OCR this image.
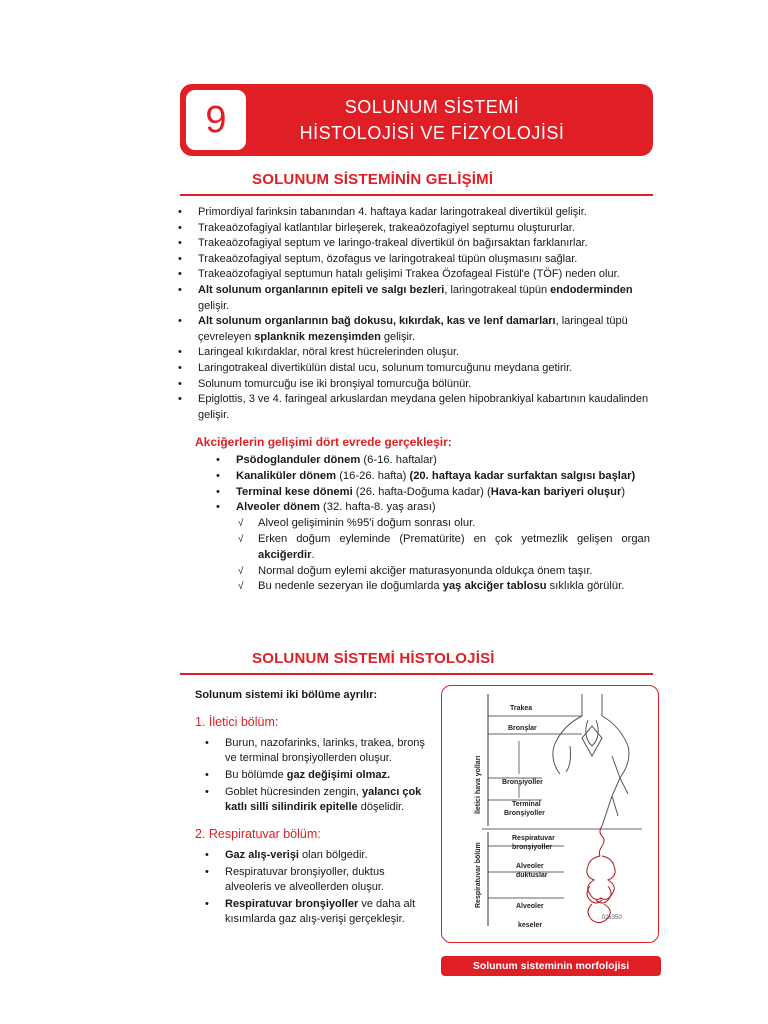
9	SOLUNUM SİSTEMİ
HİSTOLOJİSİ VE FİZYOLOJİSİ
SOLUNUM SİSTEMİNİN GELİŞİMİ
• Primordiyal farinksin tabanından 4. haftaya kadar laringotrakeal divertikül gelişir.
• Trakeaözofagiyal katlantılar birleşerek, trakeaözofagiyel septumu oluştururlar.
• Trakeaözofagiyal septum ve laringo-trakeal divertikül ön bağırsaktan farklanırlar.
• Trakeaözofagiyal septum, özofagus ve laringotrakeal tüpün oluşmasını sağlar.
• Trakeaözofagiyal septumun hatalı gelişimi Trakea Özofageal Fistül'e (TÖF) neden olur.
• Alt solunum organlarının epiteli ve salgı bezleri, laringotrakeal tüpün endoderminden gelişir.
• Alt solunum organlarının bağ dokusu, kıkırdak, kas ve lenf damarları, laringeal tüpü çevreleyen splanknik mezenşimden gelişir.
• Laringeal kıkırdaklar, nöral krest hücrelerinden oluşur.
• Laringotrakeal divertikülün distal ucu, solunum tomurcuğunu meydana getirir.
• Solunum tomurcuğu ise iki bronşiyal tomurcuğa bölünür.
• Epiglottis, 3 ve 4. faringeal arkuslardan meydana gelen hipobrankiyal kabartının kaudalinden gelişir.
Akciğerlerin gelişimi dört evrede gerçekleşir:
• Psödoglanduler dönem (6-16. haftalar)
• Kanaliküler dönem (16-26. hafta) (20. haftaya kadar surfaktan salgısı başlar)
• Terminal kese dönemi (26. hafta-Doğuma kadar) (Hava-kan bariyeri oluşur)
• Alveoler dönem (32. hafta-8. yaş arası)
√ Alveol gelişiminin %95'i doğum sonrası olur.
√ Erken doğum eyleminde (Prematürite) en çok yetmezlik gelişen organ akciğerdir.
√ Normal doğum eylemi akciğer maturasyonunda oldukça önem taşır.
√ Bu nedenle sezeryan ile doğumlarda yaş akciğer tablosu sıklıkla görülür.
SOLUNUM SİSTEMİ HİSTOLOJİSİ
Solunum sistemi iki bölüme ayrılır:
1. İletici bölüm:
• Burun, nazofarinks, larinks, trakea, bronş ve terminal bronşiyollerden oluşur.
• Bu bölümde gaz değişimi olmaz.
• Goblet hücresinden zengin, yalancı çok katlı silli silindirik epitelle döşelidir.
2. Respiratuvar bölüm:
• Gaz alış-verişi olan bölgedir.
• Respiratuvar bronşiyoller, duktus alveoleris ve alveollerden oluşur.
• Respiratuvar bronşiyoller ve daha alt kısımlarda gaz alış-verişi gerçekleşir.
İletici hava yolları
Respiratuvar bölüm
Trakea
Bronşlar
Bronşiyoller
Terminal
Bronşiyoller
Respiratuvar
bronşiyoller
Alveoler
duktuslar
Alveoler
keseler
02x350
Solunum sisteminin morfolojisi
